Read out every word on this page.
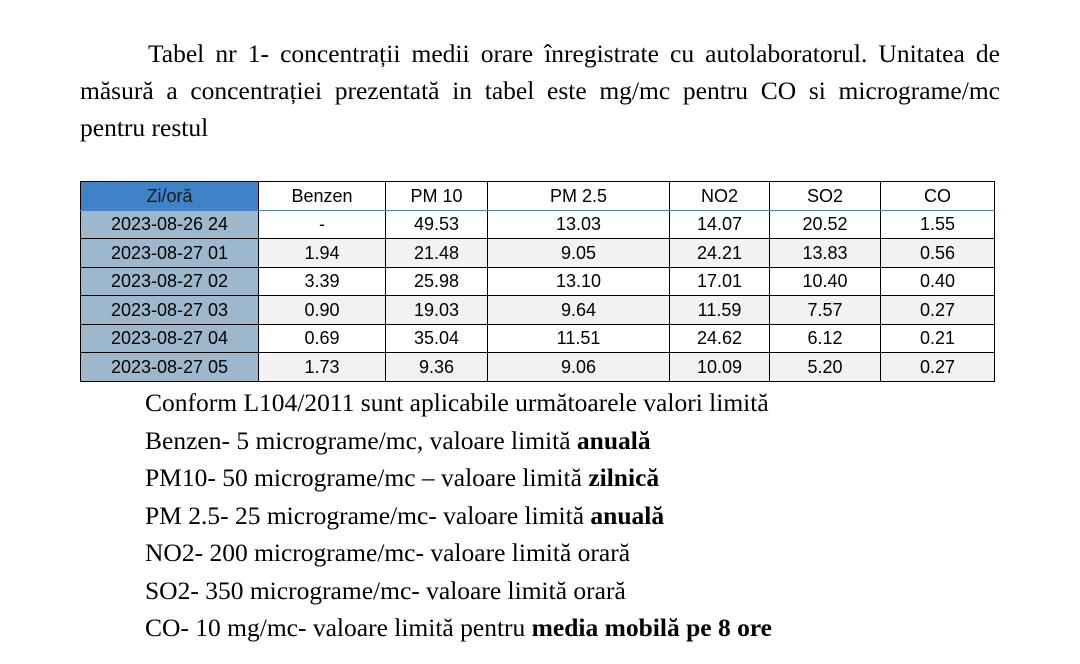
Tabel nr 1- concentrații medii orare înregistrate cu autolaboratorul. Unitatea de măsură a concentrației prezentată in tabel este mg/mc pentru CO si micrograme/mc pentru restul
Zi/oră	Benzen	PM 10	PM 2.5	NO2	SO2	CO
2023-08-26 24	-	49.53	13.03	14.07	20.52	1.55
2023-08-27 01	1.94	21.48	9.05	24.21	13.83	0.56
2023-08-27 02	3.39	25.98	13.10	17.01	10.40	0.40
2023-08-27 03	0.90	19.03	9.64	11.59	7.57	0.27
2023-08-27 04	0.69	35.04	11.51	24.62	6.12	0.21
2023-08-27 05	1.73	9.36	9.06	10.09	5.20	0.27
Conform L104/2011 sunt aplicabile următoarele valori limită
Benzen- 5 micrograme/mc, valoare limită anuală
PM10- 50 micrograme/mc – valoare limită zilnică
PM 2.5- 25 micrograme/mc- valoare limită anuală
NO2- 200 micrograme/mc- valoare limită orară
SO2- 350 micrograme/mc- valoare limită orară
CO- 10 mg/mc- valoare limită pentru media mobilă pe 8 ore
